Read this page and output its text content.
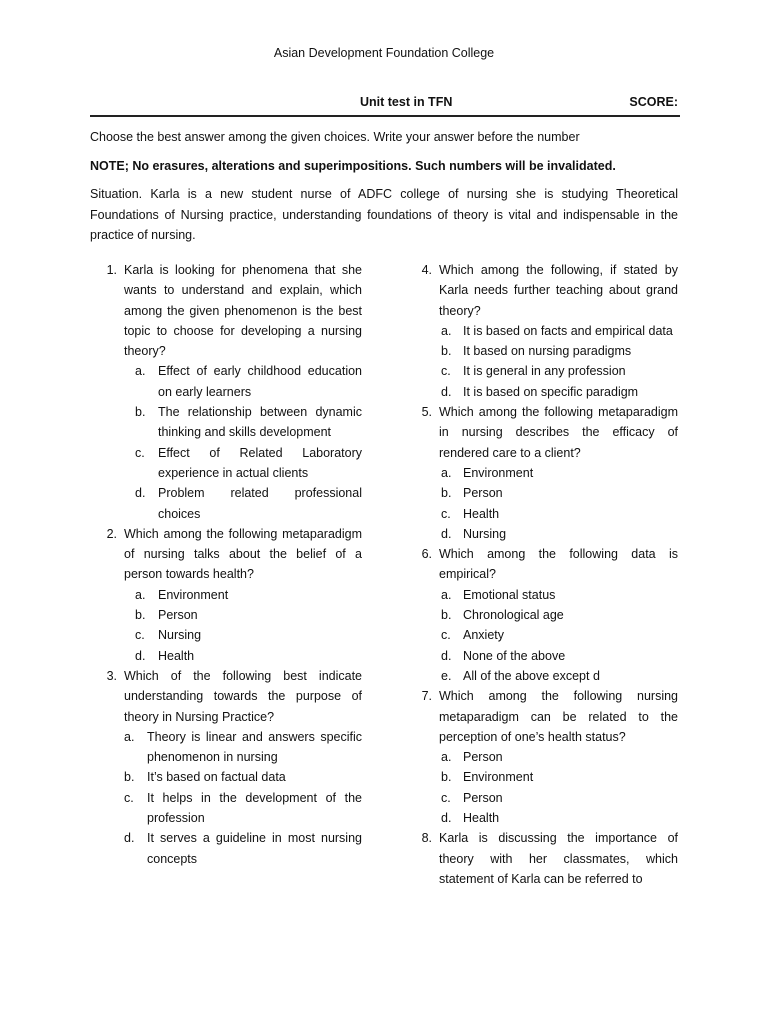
Asian Development Foundation College
Unit test in TFN	SCORE:

Choose the best answer among the given choices. Write your answer before the number

NOTE; No erasures, alterations and superimpositions. Such numbers will be invalidated.

Situation. Karla is a new student nurse of ADFC college of nursing she is studying Theoretical Foundations of Nursing practice, understanding foundations of theory is vital and indispensable in the practice of nursing.

1. Karla is looking for phenomena that she wants to understand and explain, which among the given phenomenon is the best topic to choose for developing a nursing theory?
a. Effect of early childhood education on early learners
b. The relationship between dynamic thinking and skills development
c. Effect of Related Laboratory experience in actual clients
d. Problem related professional choices
2. Which among the following metaparadigm of nursing talks about the belief of a person towards health?
a. Environment
b. Person
c. Nursing
d. Health
3. Which of the following best indicate understanding towards the purpose of theory in Nursing Practice?
a. Theory is linear and answers specific phenomenon in nursing
b. It’s based on factual data
c. It helps in the development of the profession
d. It serves a guideline in most nursing concepts
4. Which among the following, if stated by Karla needs further teaching about grand theory?
a. It is based on facts and empirical data
b. It based on nursing paradigms
c. It is general in any profession
d. It is based on specific paradigm
5. Which among the following metaparadigm in nursing describes the efficacy of rendered care to a client?
a. Environment
b. Person
c. Health
d. Nursing
6. Which among the following data is empirical?
a. Emotional status
b. Chronological age
c. Anxiety
d. None of the above
e. All of the above except d
7. Which among the following nursing metaparadigm can be related to the perception of one’s health status?
a. Person
b. Environment
c. Person
d. Health
8. Karla is discussing the importance of theory with her classmates, which statement of Karla can be referred to
